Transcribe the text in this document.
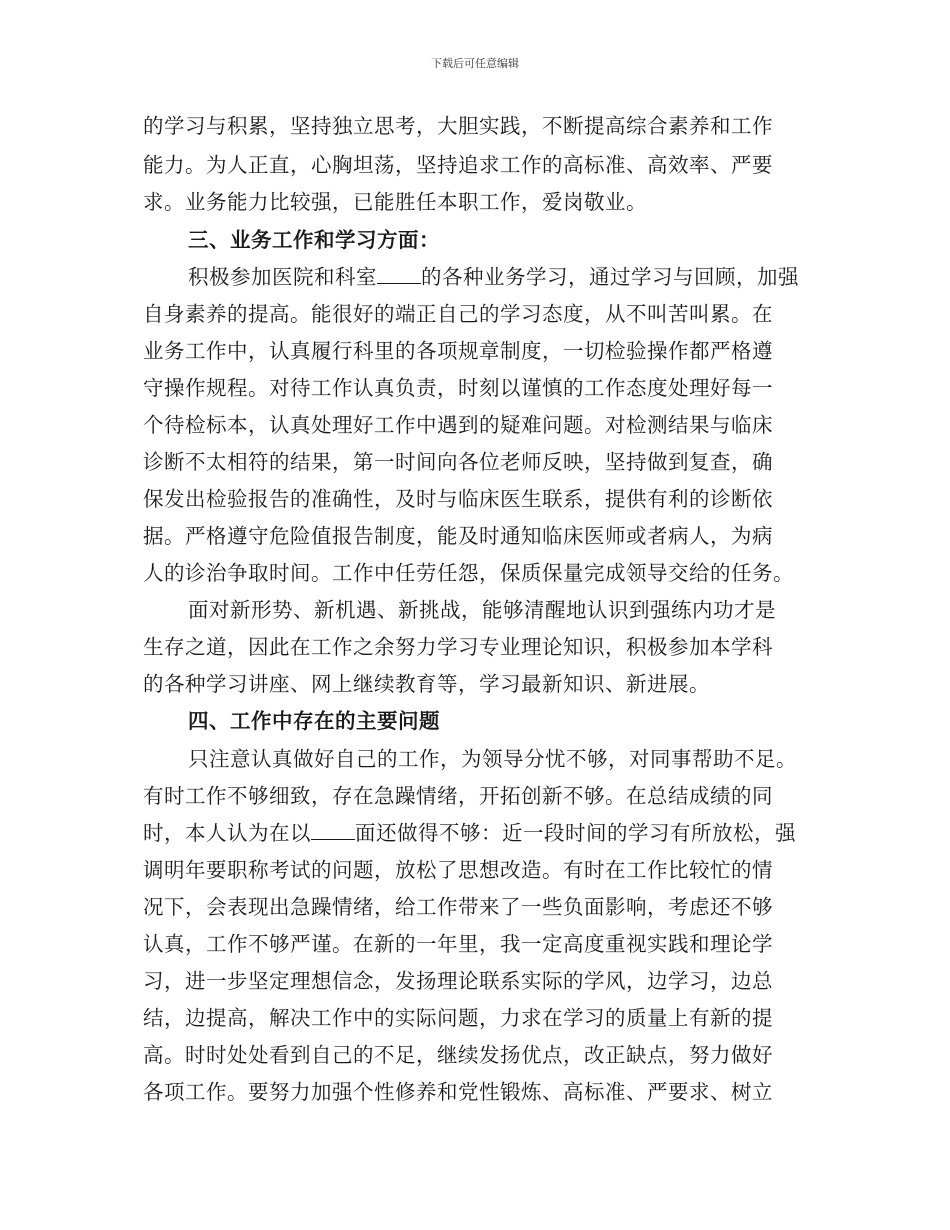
下载后可任意编辑
的学习与积累，坚持独立思考，大胆实践，不断提高综合素养和工作
能力。为人正直，心胸坦荡，坚持追求工作的高标准、高效率、严要
求。业务能力比较强，已能胜任本职工作，爱岗敬业。
三、业务工作和学习方面：
积极参加医院和科室 的各种业务学习，通过学习与回顾，加强
自身素养的提高。能很好的端正自己的学习态度，从不叫苦叫累。在
业务工作中，认真履行科里的各项规章制度，一切检验操作都严格遵
守操作规程。对待工作认真负责，时刻以谨慎的工作态度处理好每一
个待检标本，认真处理好工作中遇到的疑难问题。对检测结果与临床
诊断不太相符的结果，第一时间向各位老师反映，坚持做到复查，确
保发出检验报告的准确性，及时与临床医生联系，提供有利的诊断依
据。严格遵守危险值报告制度，能及时通知临床医师或者病人，为病
人的诊治争取时间。工作中任劳任怨，保质保量完成领导交给的任务。
面对新形势、新机遇、新挑战，能够清醒地认识到强练内功才是
生存之道，因此在工作之余努力学习专业理论知识，积极参加本学科
的各种学习讲座、网上继续教育等，学习最新知识、新进展。
四、工作中存在的主要问题
只注意认真做好自己的工作，为领导分忧不够，对同事帮助不足。
有时工作不够细致，存在急躁情绪，开拓创新不够。在总结成绩的同
时，本人认为在以 面还做得不够：近一段时间的学习有所放松，强
调明年要职称考试的问题，放松了思想改造。有时在工作比较忙的情
况下，会表现出急躁情绪，给工作带来了一些负面影响，考虑还不够
认真，工作不够严谨。在新的一年里，我一定高度重视实践和理论学
习，进一步坚定理想信念，发扬理论联系实际的学风，边学习，边总
结，边提高，解决工作中的实际问题，力求在学习的质量上有新的提
高。时时处处看到自己的不足，继续发扬优点，改正缺点，努力做好
各项工作。要努力加强个性修养和党性锻炼、高标准、严要求、树立
